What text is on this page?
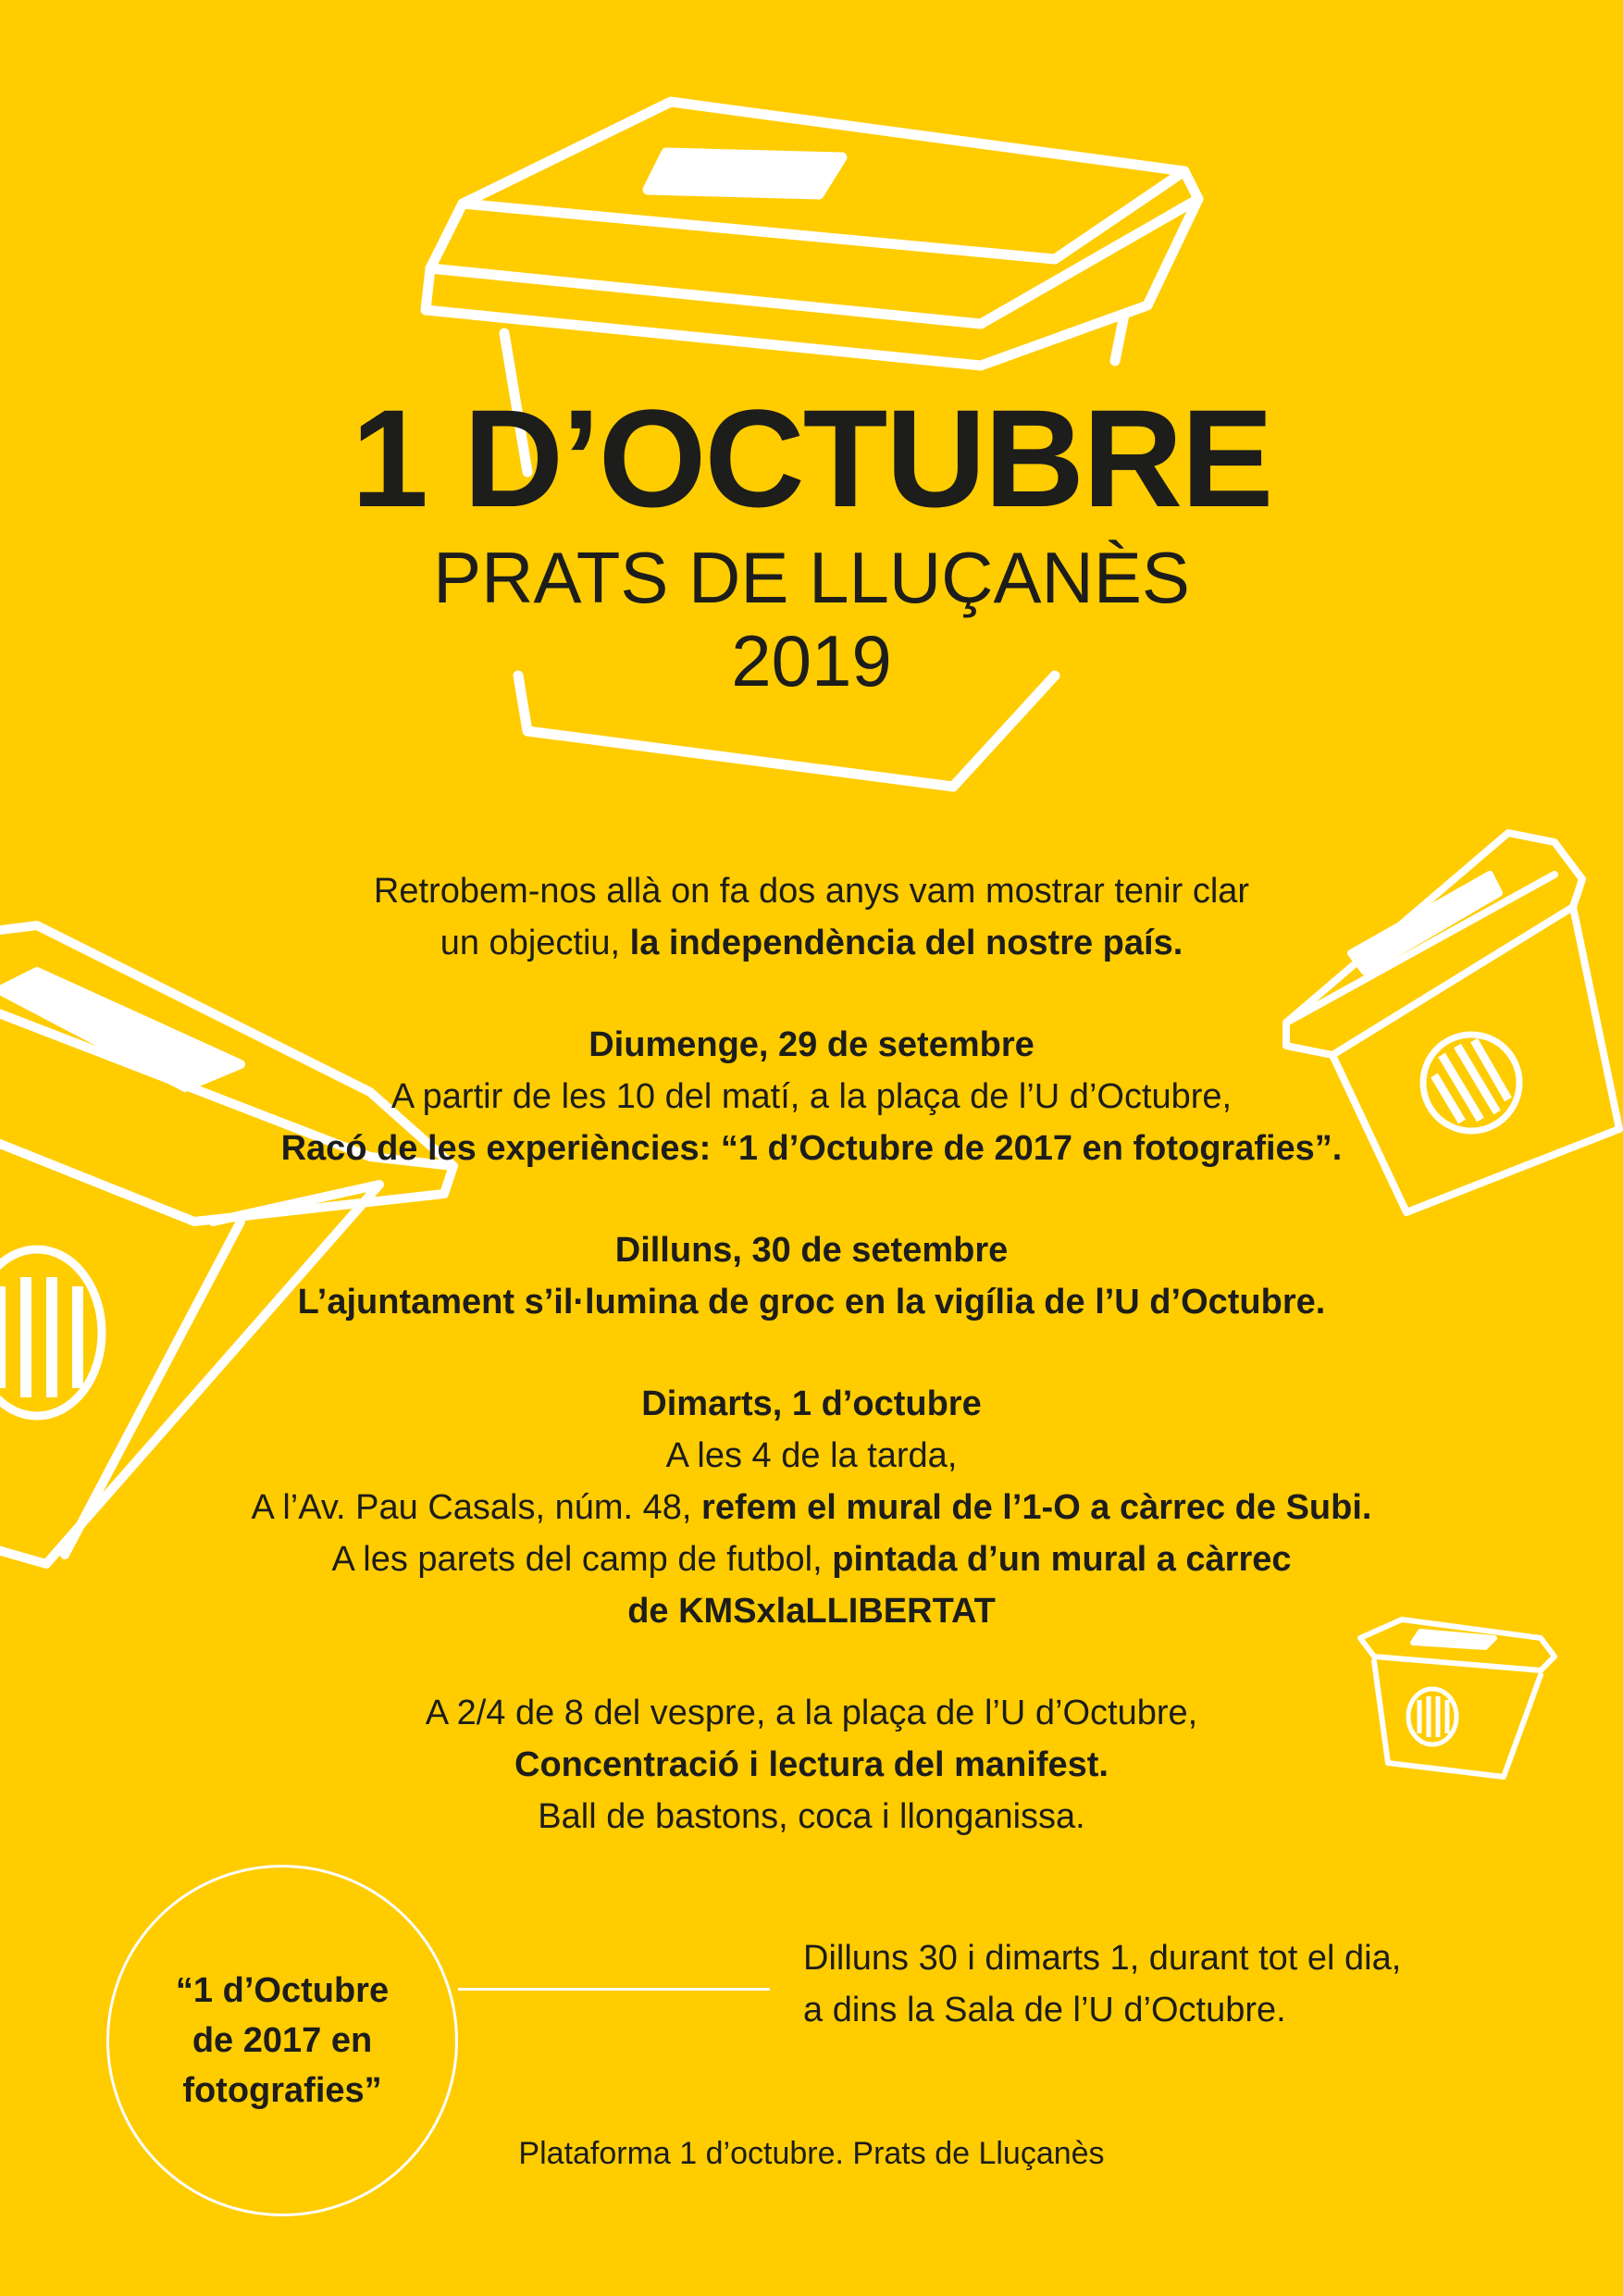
1 D’OCTUBRE
PRATS DE LLUÇANÈS
2019

Retrobem-nos allà on fa dos anys vam mostrar tenir clar

un objectiu, la independència del nostre país.

Diumenge, 29 de setembre

A partir de les 10 del matí, a la plaça de l’U d’Octubre,

Racó de les experiències: “1 d’Octubre de 2017 en fotografies”.

Dilluns, 30 de setembre

L’ajuntament s’il·lumina de groc en la vigília de l’U d’Octubre.

Dimarts, 1 d’octubre

A les 4 de la tarda,

A l’Av. Pau Casals, núm. 48, refem el mural de l’1-O a càrrec de Subi.

A les parets del camp de futbol, pintada d’un mural a càrrec

de KMSxlaLLIBERTAT

A 2/4 de 8 del vespre, a la plaça de l’U d’Octubre,

Concentració i lectura del manifest.

Ball de bastons, coca i llonganissa.

“1 d’Octubre
de 2017 en
fotografies”

Dilluns 30 i dimarts 1, durant tot el dia,

a dins la Sala de l’U d’Octubre.

Plataforma 1 d’octubre. Prats de Lluçanès
